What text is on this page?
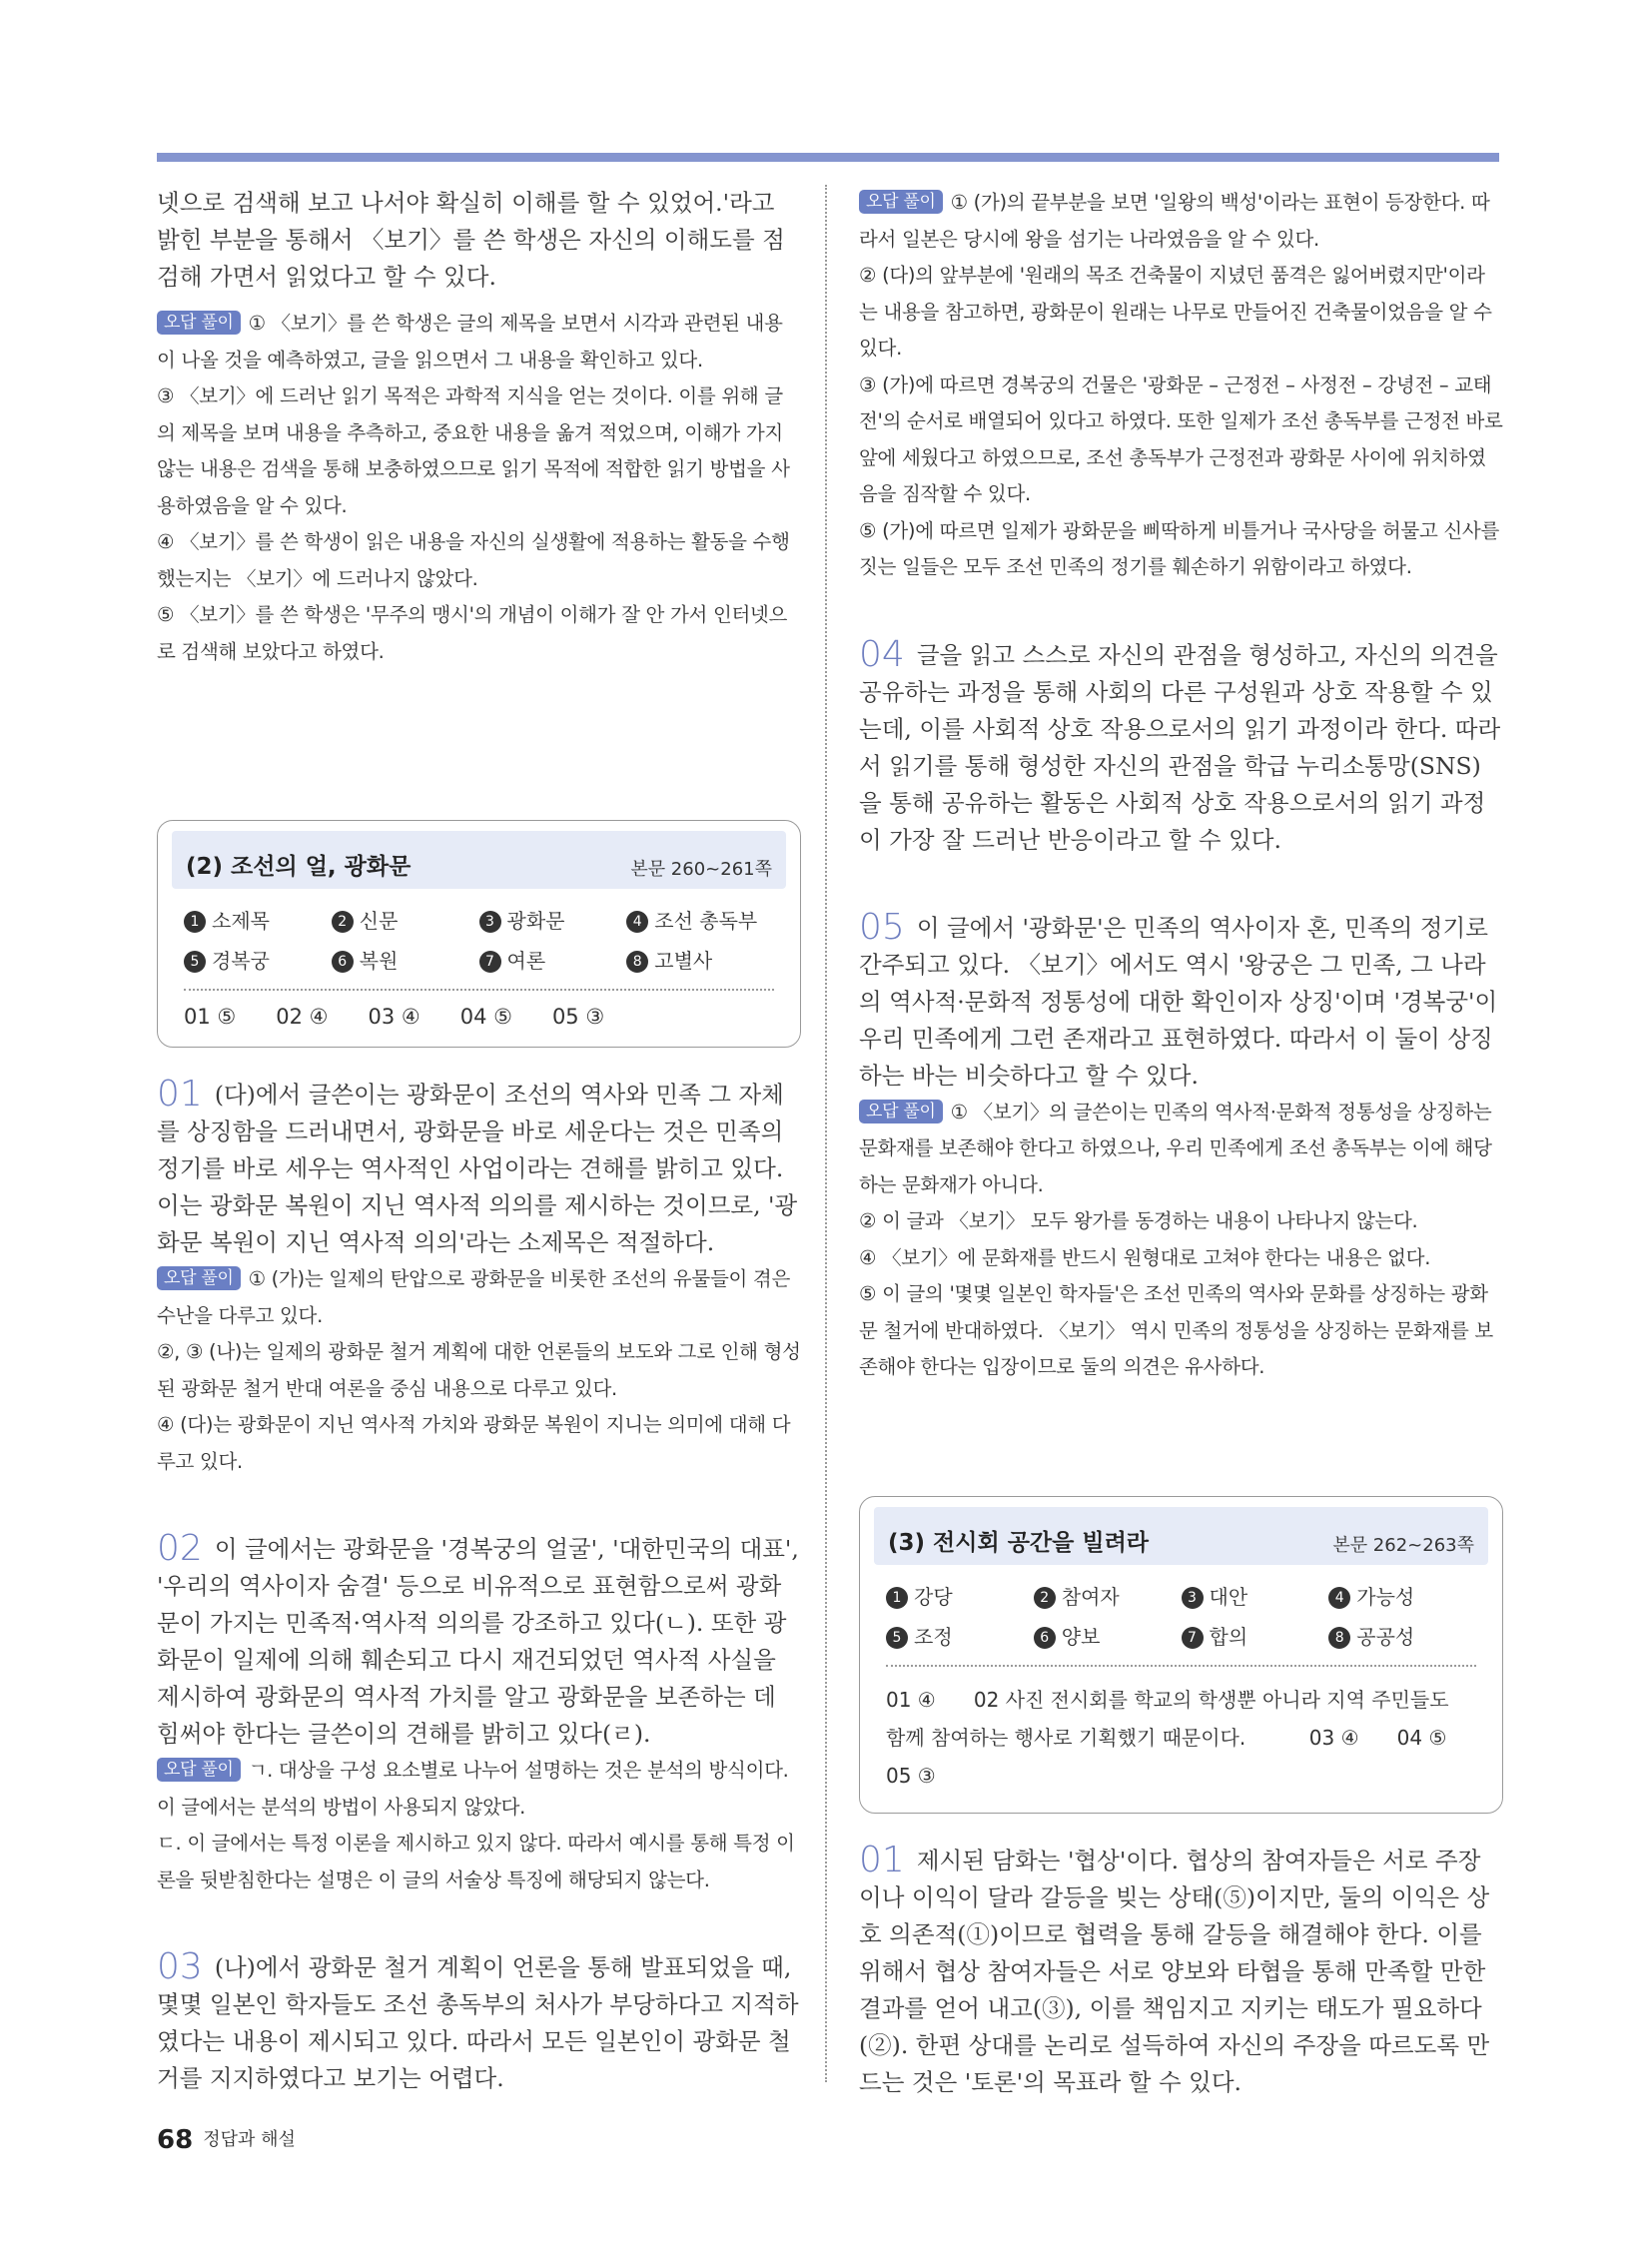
넷으로 검색해 보고 나서야 확실히 이해를 할 수 있었어.'라고 밝힌 부분을 통해서 〈보기〉를 쓴 학생은 자신의 이해도를 점검해 가면서 읽었다고 할 수 있다.

오답 풀이 ① 〈보기〉를 쓴 학생은 글의 제목을 보면서 시각과 관련된 내용이 나올 것을 예측하였고, 글을 읽으면서 그 내용을 확인하고 있다.

③ 〈보기〉에 드러난 읽기 목적은 과학적 지식을 얻는 것이다. 이를 위해 글의 제목을 보며 내용을 추측하고, 중요한 내용을 옮겨 적었으며, 이해가 가지 않는 내용은 검색을 통해 보충하였으므로 읽기 목적에 적합한 읽기 방법을 사용하였음을 알 수 있다.

④ 〈보기〉를 쓴 학생이 읽은 내용을 자신의 실생활에 적용하는 활동을 수행했는지는 〈보기〉에 드러나지 않았다.

⑤ 〈보기〉를 쓴 학생은 '무주의 맹시'의 개념이 이해가 잘 안 가서 인터넷으로 검색해 보았다고 하였다.

(2) 조선의 얼, 광화문	본문 260~261쪽
1 소제목	2 신문	3 광화문	4 조선 총독부
5 경복궁	6 복원	7 여론	8 고별사
01 ⑤ 02 ④ 03 ④ 04 ⑤ 05 ③

01 (다)에서 글쓴이는 광화문이 조선의 역사와 민족 그 자체를 상징함을 드러내면서, 광화문을 바로 세운다는 것은 민족의 정기를 바로 세우는 역사적인 사업이라는 견해를 밝히고 있다. 이는 광화문 복원이 지닌 역사적 의의를 제시하는 것이므로, '광화문 복원이 지닌 역사적 의의'라는 소제목은 적절하다.

오답 풀이 ① (가)는 일제의 탄압으로 광화문을 비롯한 조선의 유물들이 겪은 수난을 다루고 있다.

②, ③ (나)는 일제의 광화문 철거 계획에 대한 언론들의 보도와 그로 인해 형성된 광화문 철거 반대 여론을 중심 내용으로 다루고 있다.

④ (다)는 광화문이 지닌 역사적 가치와 광화문 복원이 지니는 의미에 대해 다루고 있다.

02 이 글에서는 광화문을 '경복궁의 얼굴', '대한민국의 대표', '우리의 역사이자 숨결' 등으로 비유적으로 표현함으로써 광화문이 가지는 민족적·역사적 의의를 강조하고 있다(ㄴ). 또한 광화문이 일제에 의해 훼손되고 다시 재건되었던 역사적 사실을 제시하여 광화문의 역사적 가치를 알고 광화문을 보존하는 데 힘써야 한다는 글쓴이의 견해를 밝히고 있다(ㄹ).

오답 풀이 ㄱ. 대상을 구성 요소별로 나누어 설명하는 것은 분석의 방식이다. 이 글에서는 분석의 방법이 사용되지 않았다.

ㄷ. 이 글에서는 특정 이론을 제시하고 있지 않다. 따라서 예시를 통해 특정 이론을 뒷받침한다는 설명은 이 글의 서술상 특징에 해당되지 않는다.

03 (나)에서 광화문 철거 계획이 언론을 통해 발표되었을 때, 몇몇 일본인 학자들도 조선 총독부의 처사가 부당하다고 지적하였다는 내용이 제시되고 있다. 따라서 모든 일본인이 광화문 철거를 지지하였다고 보기는 어렵다.

오답 풀이 ① (가)의 끝부분을 보면 '일왕의 백성'이라는 표현이 등장한다. 따라서 일본은 당시에 왕을 섬기는 나라였음을 알 수 있다.

② (다)의 앞부분에 '원래의 목조 건축물이 지녔던 품격은 잃어버렸지만'이라는 내용을 참고하면, 광화문이 원래는 나무로 만들어진 건축물이었음을 알 수 있다.

③ (가)에 따르면 경복궁의 건물은 '광화문 – 근정전 – 사정전 – 강녕전 – 교태전'의 순서로 배열되어 있다고 하였다. 또한 일제가 조선 총독부를 근정전 바로 앞에 세웠다고 하였으므로, 조선 총독부가 근정전과 광화문 사이에 위치하였음을 짐작할 수 있다.

⑤ (가)에 따르면 일제가 광화문을 삐딱하게 비틀거나 국사당을 허물고 신사를 짓는 일들은 모두 조선 민족의 정기를 훼손하기 위함이라고 하였다.

04 글을 읽고 스스로 자신의 관점을 형성하고, 자신의 의견을 공유하는 과정을 통해 사회의 다른 구성원과 상호 작용할 수 있는데, 이를 사회적 상호 작용으로서의 읽기 과정이라 한다. 따라서 읽기를 통해 형성한 자신의 관점을 학급 누리소통망(SNS)을 통해 공유하는 활동은 사회적 상호 작용으로서의 읽기 과정이 가장 잘 드러난 반응이라고 할 수 있다.

05 이 글에서 '광화문'은 민족의 역사이자 혼, 민족의 정기로 간주되고 있다. 〈보기〉에서도 역시 '왕궁은 그 민족, 그 나라의 역사적·문화적 정통성에 대한 확인이자 상징'이며 '경복궁'이 우리 민족에게 그런 존재라고 표현하였다. 따라서 이 둘이 상징하는 바는 비슷하다고 할 수 있다.

오답 풀이 ① 〈보기〉의 글쓴이는 민족의 역사적·문화적 정통성을 상징하는 문화재를 보존해야 한다고 하였으나, 우리 민족에게 조선 총독부는 이에 해당하는 문화재가 아니다.

② 이 글과 〈보기〉 모두 왕가를 동경하는 내용이 나타나지 않는다.

④ 〈보기〉에 문화재를 반드시 원형대로 고쳐야 한다는 내용은 없다.

⑤ 이 글의 '몇몇 일본인 학자들'은 조선 민족의 역사와 문화를 상징하는 광화문 철거에 반대하였다. 〈보기〉 역시 민족의 정통성을 상징하는 문화재를 보존해야 한다는 입장이므로 둘의 의견은 유사하다.

(3) 전시회 공간을 빌려라	본문 262~263쪽
1 강당	2 참여자	3 대안	4 가능성
5 조정	6 양보	7 합의	8 공공성
01 ④      02 사진 전시회를 학교의 학생뿐 아니라 지역 주민들도
함께 참여하는 행사로 기획했기 때문이다.          03 ④      04 ⑤
05 ③

01 제시된 담화는 '협상'이다. 협상의 참여자들은 서로 주장이나 이익이 달라 갈등을 빚는 상태(⑤)이지만, 둘의 이익은 상호 의존적(①)이므로 협력을 통해 갈등을 해결해야 한다. 이를 위해서 협상 참여자들은 서로 양보와 타협을 통해 만족할 만한 결과를 얻어 내고(③), 이를 책임지고 지키는 태도가 필요하다(②). 한편 상대를 논리로 설득하여 자신의 주장을 따르도록 만드는 것은 '토론'의 목표라 할 수 있다.

68 정답과 해설
